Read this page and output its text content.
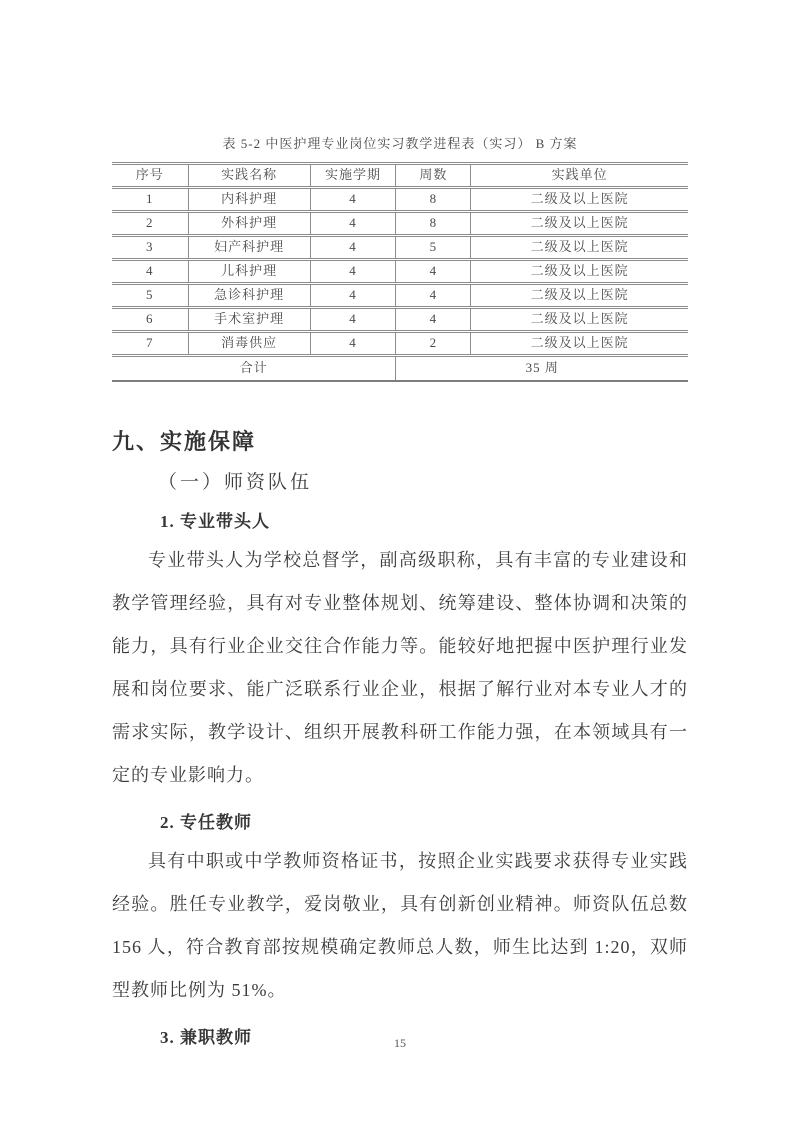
表 5-2 中医护理专业岗位实习教学进程表（实习） B 方案
序号	实践名称	实施学期	周数	实践单位
1	内科护理	4	8	二级及以上医院
2	外科护理	4	8	二级及以上医院
3	妇产科护理	4	5	二级及以上医院
4	儿科护理	4	4	二级及以上医院
5	急诊科护理	4	4	二级及以上医院
6	手术室护理	4	4	二级及以上医院
7	消毒供应	4	2	二级及以上医院
合计			35 周	
九、实施保障
（一）师资队伍
1. 专业带头人

专业带头人为学校总督学，副高级职称，具有丰富的专业建设和教学管理经验，具有对专业整体规划、统筹建设、整体协调和决策的能力，具有行业企业交往合作能力等。能较好地把握中医护理行业发展和岗位要求、能广泛联系行业企业，根据了解行业对本专业人才的需求实际，教学设计、组织开展教科研工作能力强，在本领域具有一定的专业影响力。

2. 专任教师

具有中职或中学教师资格证书，按照企业实践要求获得专业实践经验。胜任专业教学，爱岗敬业，具有创新创业精神。师资队伍总数 156 人，符合教育部按规模确定教师总人数，师生比达到 1:20，双师型教师比例为 51%。

3. 兼职教师	15
